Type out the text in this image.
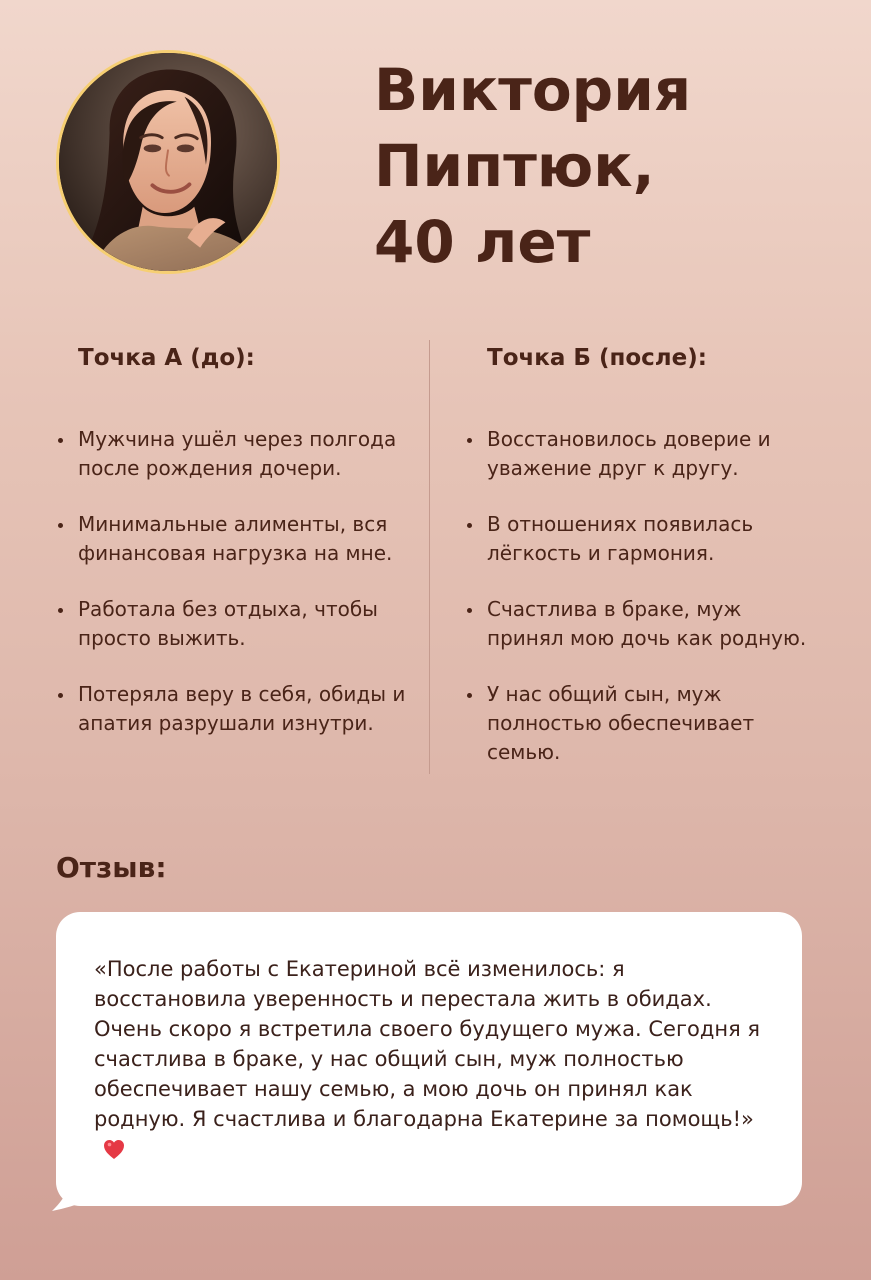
Виктория
Пиптюк,
40 лет
Точка А (до):
Мужчина ушёл через полгода после рождения дочери.
Минимальные алименты, вся финансовая нагрузка на мне.
Работала без отдыха, чтобы просто выжить.
Потеряла веру в себя, обиды и апатия разрушали изнутри.
Точка Б (после):
Восстановилось доверие и уважение друг к другу.
В отношениях появилась лёгкость и гармония.
Счастлива в браке, муж принял мою дочь как родную.
У нас общий сын, муж полностью обеспечивает семью.
Отзыв:

«После работы с Екатериной всё изменилось: я восстановила уверенность и перестала жить в обидах. Очень скоро я встретила своего будущего мужа. Сегодня я счастлива в браке, у нас общий сын, муж полностью обеспечивает нашу семью, а мою дочь он принял как родную. Я счастлива и благодарна Екатерине за помощь!»
